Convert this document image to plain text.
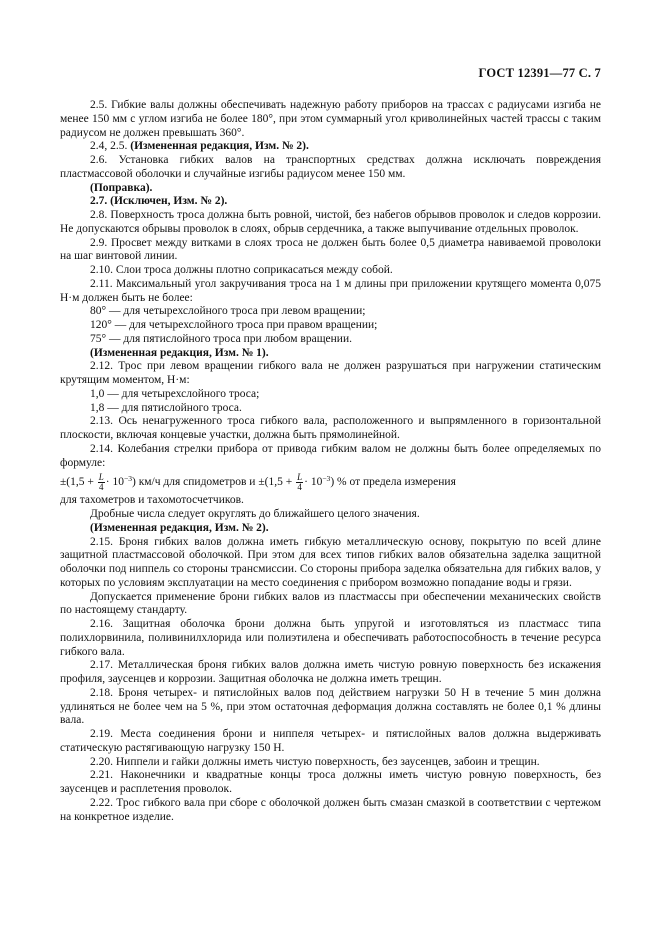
ГОСТ 12391—77 С. 7

2.5. Гибкие валы должны обеспечивать надежную работу приборов на трассах с радиусами изгиба не менее 150 мм с углом изгиба не более 180°, при этом суммарный угол криволинейных частей трассы с таким радиусом не должен превышать 360°.

2.4, 2.5. (Измененная редакция, Изм. № 2).

2.6. Установка гибких валов на транспортных средствах должна исключать повреждения пластмассовой оболочки и случайные изгибы радиусом менее 150 мм.

(Поправка).

2.7. (Исключен, Изм. № 2).

2.8. Поверхность троса должна быть ровной, чистой, без набегов обрывов проволок и следов коррозии. Не допускаются обрывы проволок в слоях, обрыв сердечника, а также выпучивание отдельных проволок.

2.9. Просвет между витками в слоях троса не должен быть более 0,5 диаметра навиваемой проволоки на шаг винтовой линии.

2.10. Слои троса должны плотно соприкасаться между собой.

2.11. Максимальный угол закручивания троса на 1 м длины при приложении крутящего момента 0,075 Н·м должен быть не более:

80° — для четырехслойного троса при левом вращении;

120° — для четырехслойного троса при правом вращении;

75° — для пятислойного троса при любом вращении.

(Измененная редакция, Изм. № 1).

2.12. Трос при левом вращении гибкого вала не должен разрушаться при нагружении статическим крутящим моментом, Н·м:

1,0 — для четырехслойного троса;

1,8 — для пятислойного троса.

2.13. Ось ненагруженного троса гибкого вала, расположенного и выпрямленного в горизонтальной плоскости, включая концевые участки, должна быть прямолинейной.

2.14. Колебания стрелки прибора от привода гибким валом не должны быть более определяемых по формуле:

$\pm(1,5 + \frac{L}{4} \cdot 10^{-3})$ км/ч для спидометров $и \pm(1,5 + \frac{L}{4} \cdot 10^{-3})$ % от предела измерения

для тахометров и тахомотосчетчиков.

Дробные числа следует округлять до ближайшего целого значения.

(Измененная редакция, Изм. № 2).

2.15. Броня гибких валов должна иметь гибкую металлическую основу, покрытую по всей длине защитной пластмассовой оболочкой. При этом для всех типов гибких валов обязательна заделка защитной оболочки под ниппель со стороны трансмиссии. Со стороны прибора заделка обязательна для гибких валов, у которых по условиям эксплуатации на место соединения с прибором возможно попадание воды и грязи.

Допускается применение брони гибких валов из пластмассы при обеспечении механических свойств по настоящему стандарту.

2.16. Защитная оболочка брони должна быть упругой и изготовляться из пластмасс типа полихлорвинила, поливинилхлорида или полиэтилена и обеспечивать работоспособность в течение ресурса гибкого вала.

2.17. Металлическая броня гибких валов должна иметь чистую ровную поверхность без искажения профиля, заусенцев и коррозии. Защитная оболочка не должна иметь трещин.

2.18. Броня четырех- и пятислойных валов под действием нагрузки 50 Н в течение 5 мин должна удлиняться не более чем на 5 %, при этом остаточная деформация должна составлять не более 0,1 % длины вала.

2.19. Места соединения брони и ниппеля четырех- и пятислойных валов должна выдерживать статическую растягивающую нагрузку 150 Н.

2.20. Ниппели и гайки должны иметь чистую поверхность, без заусенцев, забоин и трещин.

2.21. Наконечники и квадратные концы троса должны иметь чистую ровную поверхность, без заусенцев и расплетения проволок.

2.22. Трос гибкого вала при сборе с оболочкой должен быть смазан смазкой в соответствии с чертежом на конкретное изделие.
